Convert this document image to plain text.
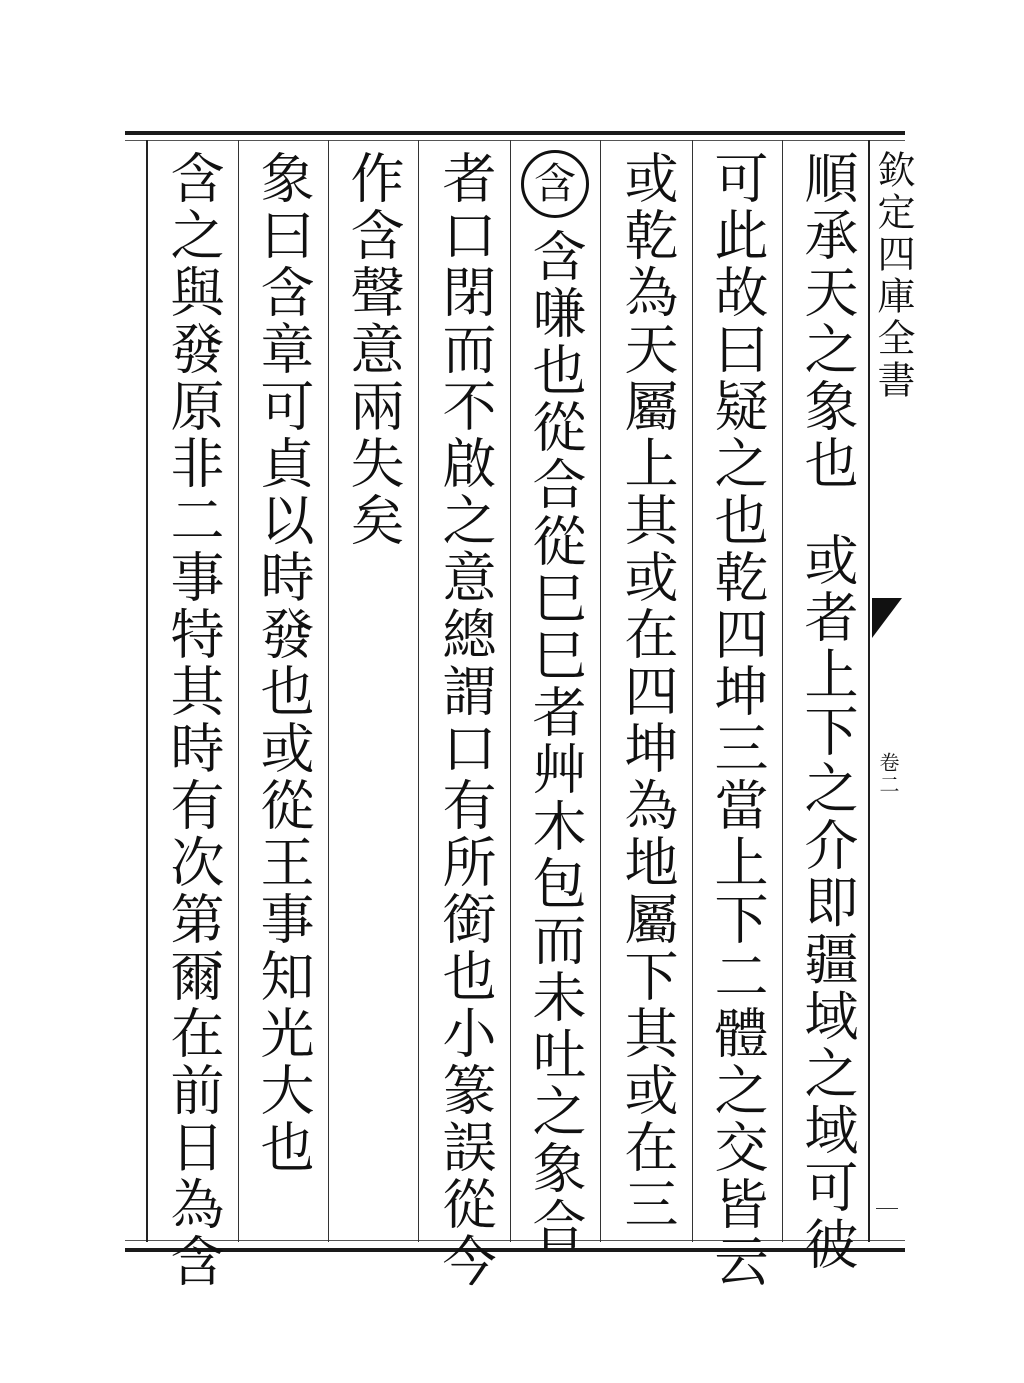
順承天之象也
或者上下之介即疆域之域可彼
可此故曰疑之也乾四坤三當上下二體之交皆云
或乾為天屬上其或在四坤為地屬下其或在三
含
含嗛也從合從巳巳者艸木包而未吐之象合
者口閉而不啟之意總謂口有所銜也小篆誤從今
作含聲意兩失矣
象曰含章可貞以時發也或從王事知光大也
含之與發原非二事特其時有次第爾在前日為含	欽定四庫全書
卷二
